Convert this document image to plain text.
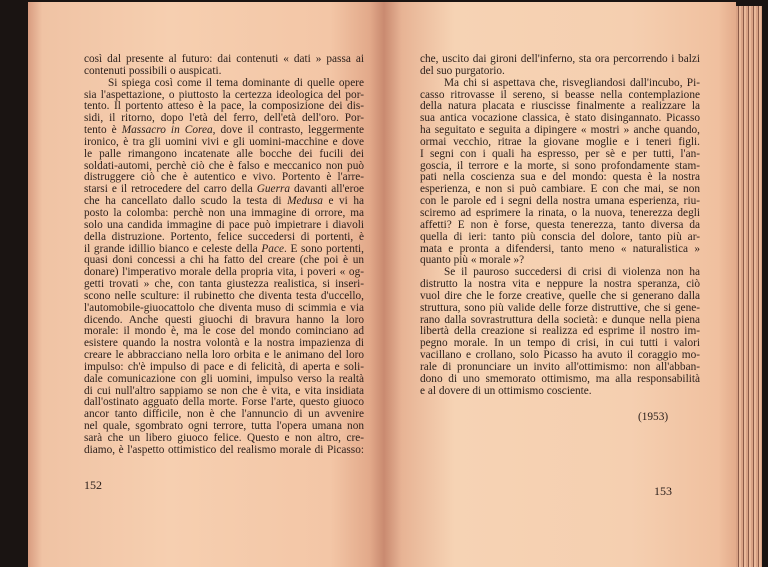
così dal presente al futuro: dai contenuti « dati » passa ai
contenuti possibili o auspicati.
Si spiega così come il tema dominante di quelle opere
sia l'aspettazione, o piuttosto la certezza ideologica del por-
tento. Il portento atteso è la pace, la composizione dei dis-
sidi, il ritorno, dopo l'età del ferro, dell'età dell'oro. Por-
tento è Massacro in Corea, dove il contrasto, leggermente
ironico, è tra gli uomini vivi e gli uomini-macchine e dove
le palle rimangono incatenate alle bocche dei fucili dei
soldati-automi, perchè ciò che è falso e meccanico non può
distruggere ciò che è autentico e vivo. Portento è l'arre-
starsi e il retrocedere del carro della Guerra davanti all'eroe
che ha cancellato dallo scudo la testa di Medusa e vi ha
posto la colomba: perchè non una immagine di orrore, ma
solo una candida immagine di pace può impietrare i diavoli
della distruzione. Portento, felice succedersi di portenti, è
il grande idillio bianco e celeste della Pace. E sono portenti,
quasi doni concessi a chi ha fatto del creare (che poi è un
donare) l'imperativo morale della propria vita, i poveri « og-
getti trovati » che, con tanta giustezza realistica, si inseri-
scono nelle sculture: il rubinetto che diventa testa d'uccello,
l'automobile-giuocattolo che diventa muso di scimmia e via
dicendo. Anche questi giuochi di bravura hanno la loro
morale: il mondo è, ma le cose del mondo cominciano ad
esistere quando la nostra volontà e la nostra impazienza di
creare le abbracciano nella loro orbita e le animano del loro
impulso: ch'è impulso di pace e di felicità, di aperta e soli-
dale comunicazione con gli uomini, impulso verso la realtà
di cui null'altro sappiamo se non che è vita, e vita insidiata
dall'ostinato agguato della morte. Forse l'arte, questo giuoco
ancor tanto difficile, non è che l'annuncio di un avvenire
nel quale, sgombrato ogni terrore, tutta l'opera umana non
sarà che un libero giuoco felice. Questo e non altro, cre-
diamo, è l'aspetto ottimistico del realismo morale di Picasso:
152
che, uscito dai gironi dell'inferno, sta ora percorrendo i balzi
del suo purgatorio.
Ma chi si aspettava che, risvegliandosi dall'incubo, Pi-
casso ritrovasse il sereno, si beasse nella contemplazione
della natura placata e riuscisse finalmente a realizzare la
sua antica vocazione classica, è stato disingannato. Picasso
ha seguitato e seguita a dipingere « mostri » anche quando,
ormai vecchio, ritrae la giovane moglie e i teneri figli.
I segni con i quali ha espresso, per sè e per tutti, l'an-
goscia, il terrore e la morte, si sono profondamente stam-
pati nella coscienza sua e del mondo: questa è la nostra
esperienza, e non si può cambiare. E con che mai, se non
con le parole ed i segni della nostra umana esperienza, riu-
sciremo ad esprimere la rinata, o la nuova, tenerezza degli
affetti? E non è forse, questa tenerezza, tanto diversa da
quella di ieri: tanto più conscia del dolore, tanto più ar-
mata e pronta a difendersi, tanto meno « naturalistica »
quanto più « morale »?
Se il pauroso succedersi di crisi di violenza non ha
distrutto la nostra vita e neppure la nostra speranza, ciò
vuol dire che le forze creative, quelle che si generano dalla
struttura, sono più valide delle forze distruttive, che si gene-
rano dalla sovrastruttura della società: e dunque nella piena
libertà della creazione si realizza ed esprime il nostro im-
pegno morale. In un tempo di crisi, in cui tutti i valori
vacillano e crollano, solo Picasso ha avuto il coraggio mo-
rale di pronunciare un invito all'ottimismo: non all'abban-
dono di uno smemorato ottimismo, ma alla responsabilità
e al dovere di un ottimismo cosciente.
(1953)
153
